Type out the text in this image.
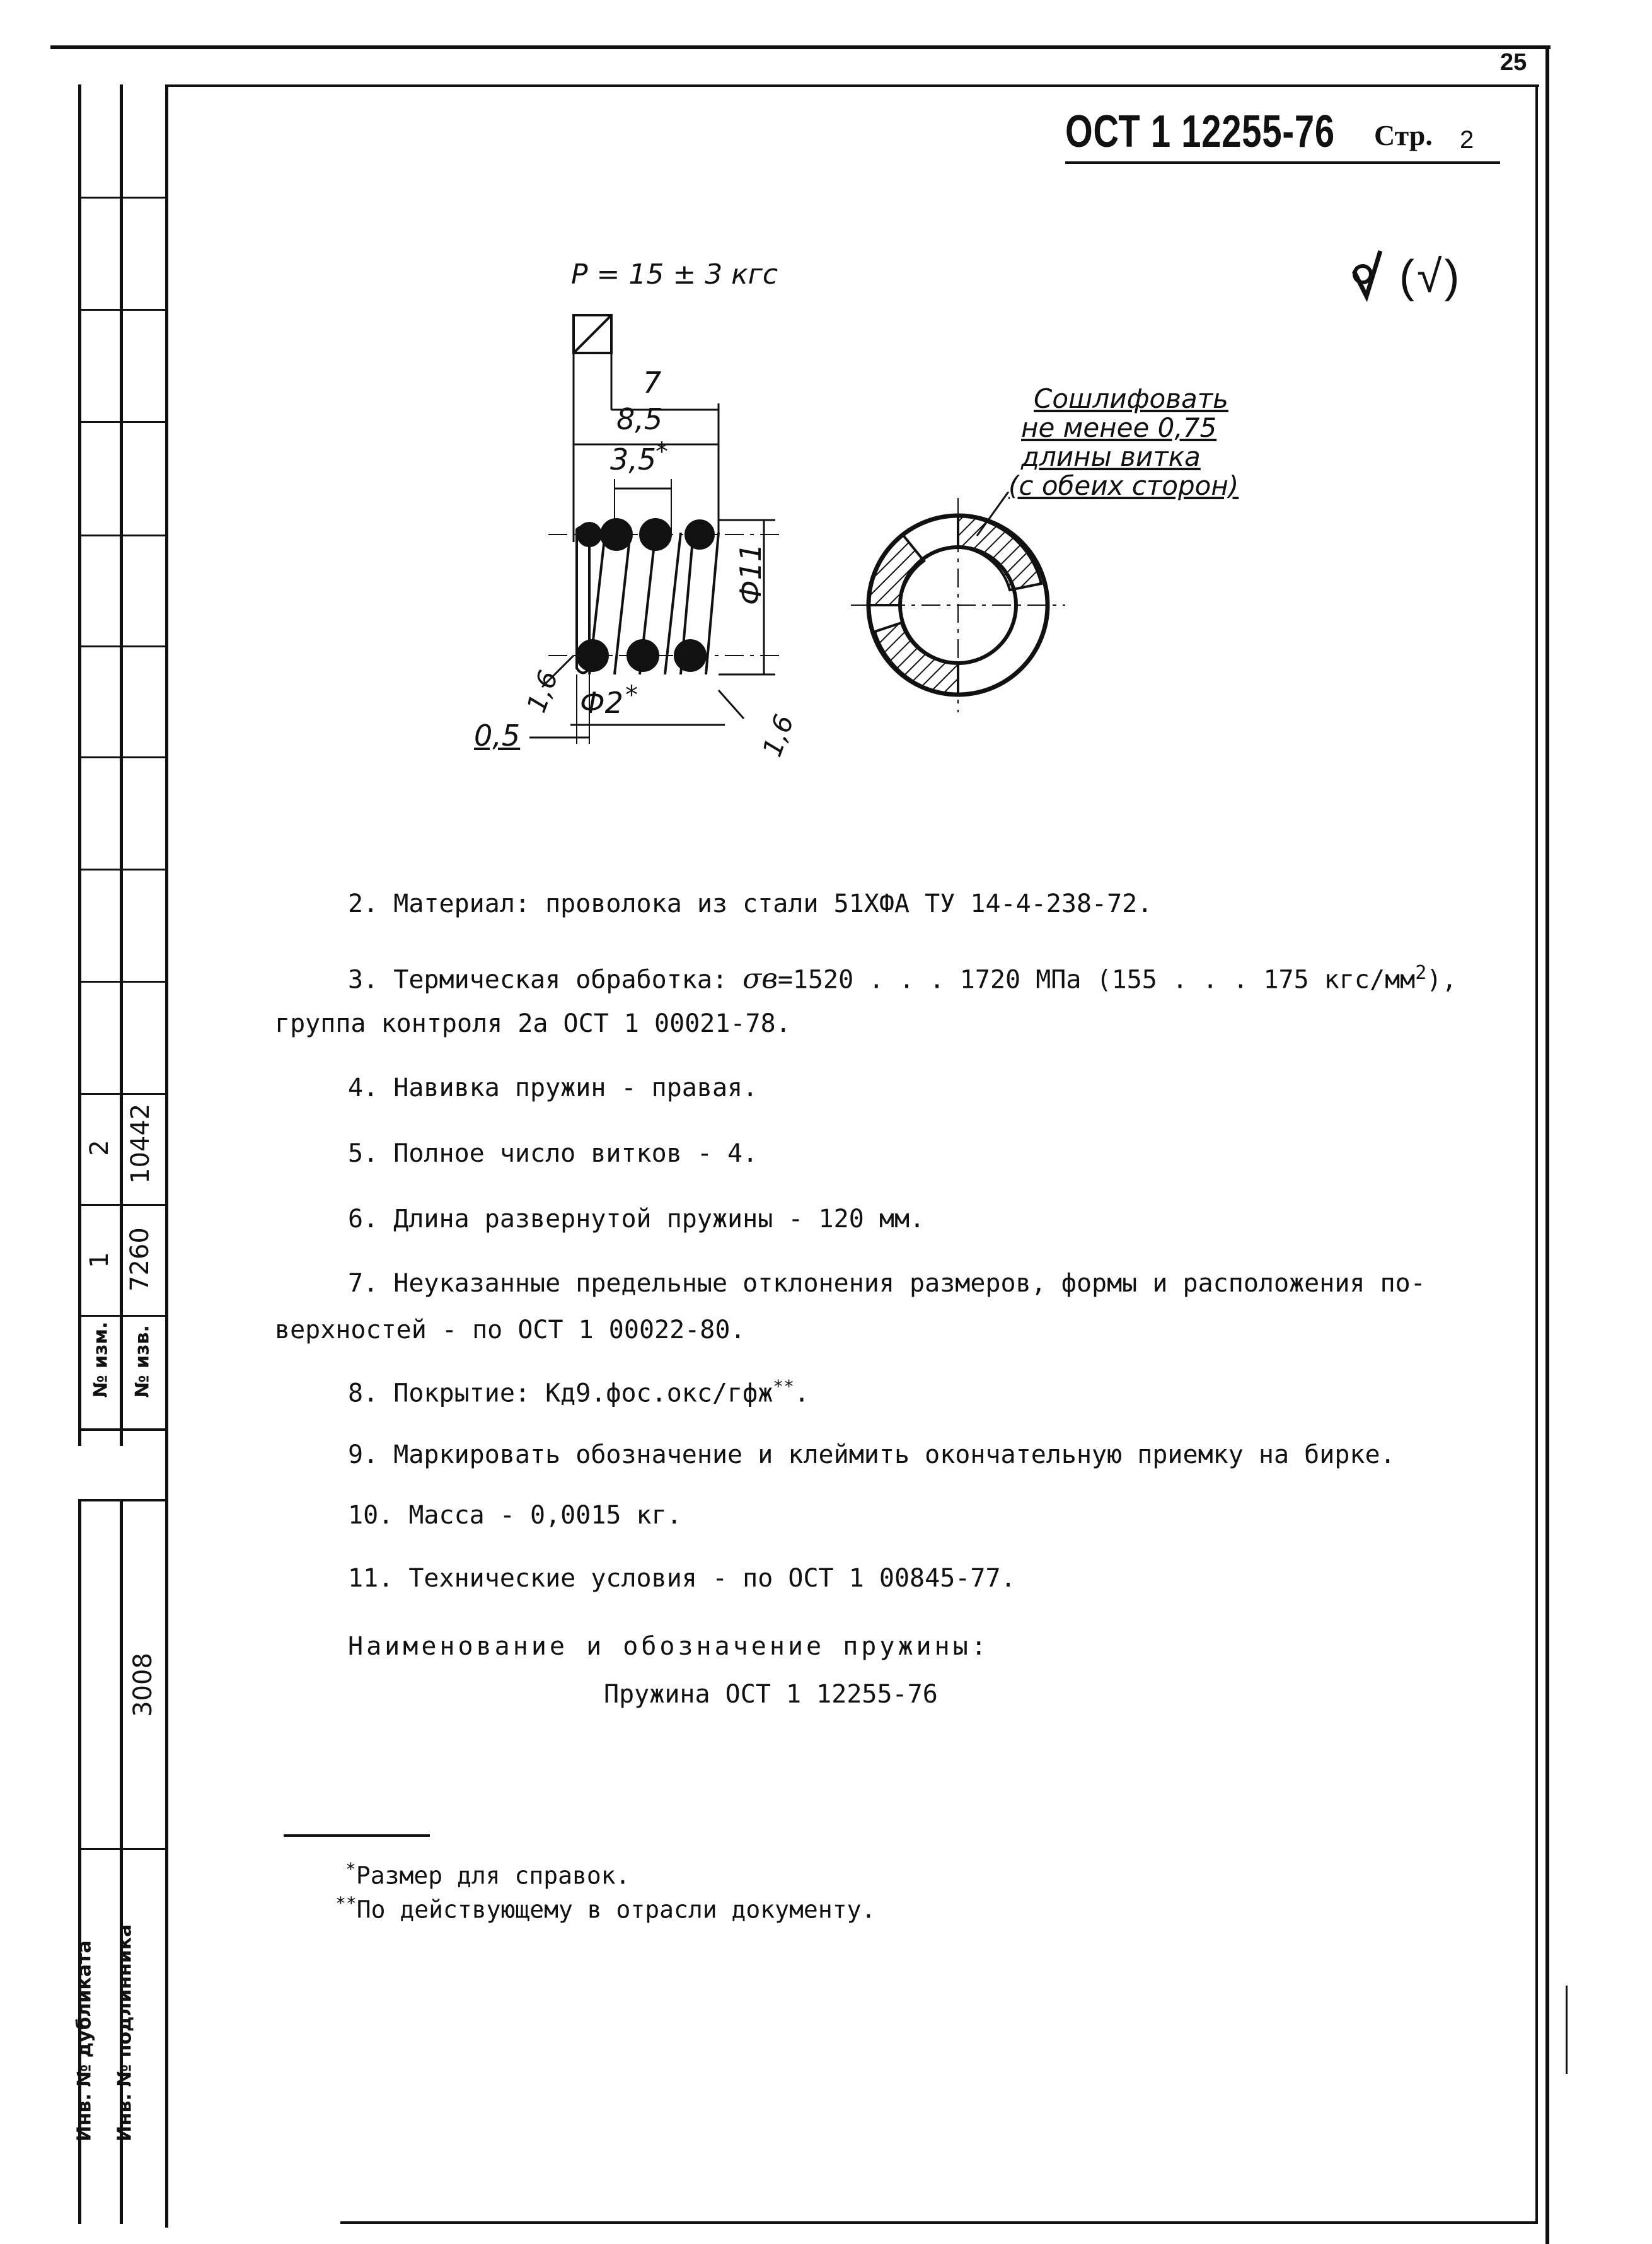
25
ОСТ 1 12255-76	Стр. 2
(√)
P = 15 ± 3 кгс
7
8,5
3,5
*
Ф11
Ф2 *
1,6
1,6
0,5
Сошлифовать
не менее 0,75
длины витка
(с обеих сторон)
2. Материал: проволока из стали 51ХФА ТУ 14-4-238-72.
3. Термическая обработка: σв=1520 . . . 1720 МПа (155 . . . 175 кгс/$мм^2$),
группа контроля 2а ОСТ 1 00021-78.
4. Навивка пружин - правая.
5. Полное число витков - 4.
6. Длина развернутой пружины - 120 мм.
7. Неуказанные предельные отклонения размеров, формы и расположения по-
верхностей - по ОСТ 1 00022-80.
8. Покрытие: Кд9.фос.окс/гфж**.
9. Маркировать обозначение и клеймить окончательную приемку на бирке.
10. Масса - 0,0015 кг.
11. Технические условия - по ОСТ 1 00845-77.
Наименование и обозначение пружины:
Пружина ОСТ 1 12255-76
*Размер для справок.
**По действующему в отрасли документу.
2 10442
1 7260
№ изм. № изв.
3008
Инв. № дубликата Инв. № подлинника
